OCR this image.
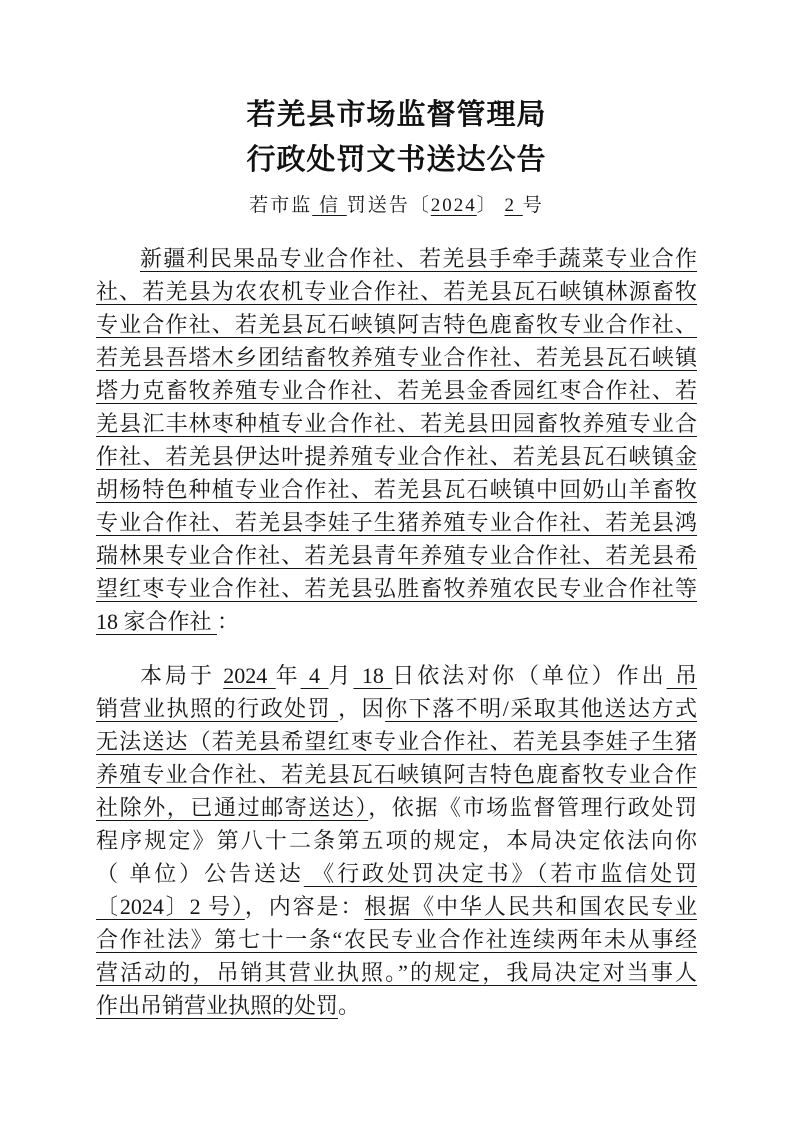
若羌县市场监督管理局
行政处罚文书送达公告
若市监 信 罚送告〔2024〕 2 号
新疆利民果品专业合作社、若羌县手牵手蔬菜专业合作
社、若羌县为农农机专业合作社、若羌县瓦石峡镇林源畜牧
专业合作社、若羌县瓦石峡镇阿吉特色鹿畜牧专业合作社、
若羌县吾塔木乡团结畜牧养殖专业合作社、若羌县瓦石峡镇
塔力克畜牧养殖专业合作社、若羌县金香园红枣合作社、若
羌县汇丰林枣种植专业合作社、若羌县田园畜牧养殖专业合
作社、若羌县伊达叶提养殖专业合作社、若羌县瓦石峡镇金
胡杨特色种植专业合作社、若羌县瓦石峡镇中回奶山羊畜牧
专业合作社、若羌县李娃子生猪养殖专业合作社、若羌县鸿
瑞林果专业合作社、若羌县青年养殖专业合作社、若羌县希
望红枣专业合作社、若羌县弘胜畜牧养殖农民专业合作社等
18 家合作社 ：
本局于 2024 年 4 月 18 日依法对你（单位）作出 吊
销营业执照的行政处罚 ，因你下落不明/采取其他送达方式
无法送达（若羌县希望红枣专业合作社、若羌县李娃子生猪
养殖专业合作社、若羌县瓦石峡镇阿吉特色鹿畜牧专业合作
社除外，已通过邮寄送达），依据《市场监督管理行政处罚
程序规定》第八十二条第五项的规定，本局决定依法向你
（ 单位）公告送达 《行政处罚决定书》（若市监信处罚
〔2024〕2 号），内容是：根据《中华人民共和国农民专业
合作社法》第七十一条“农民专业合作社连续两年未从事经
营活动的，吊销其营业执照。”的规定，我局决定对当事人
作出吊销营业执照的处罚。
